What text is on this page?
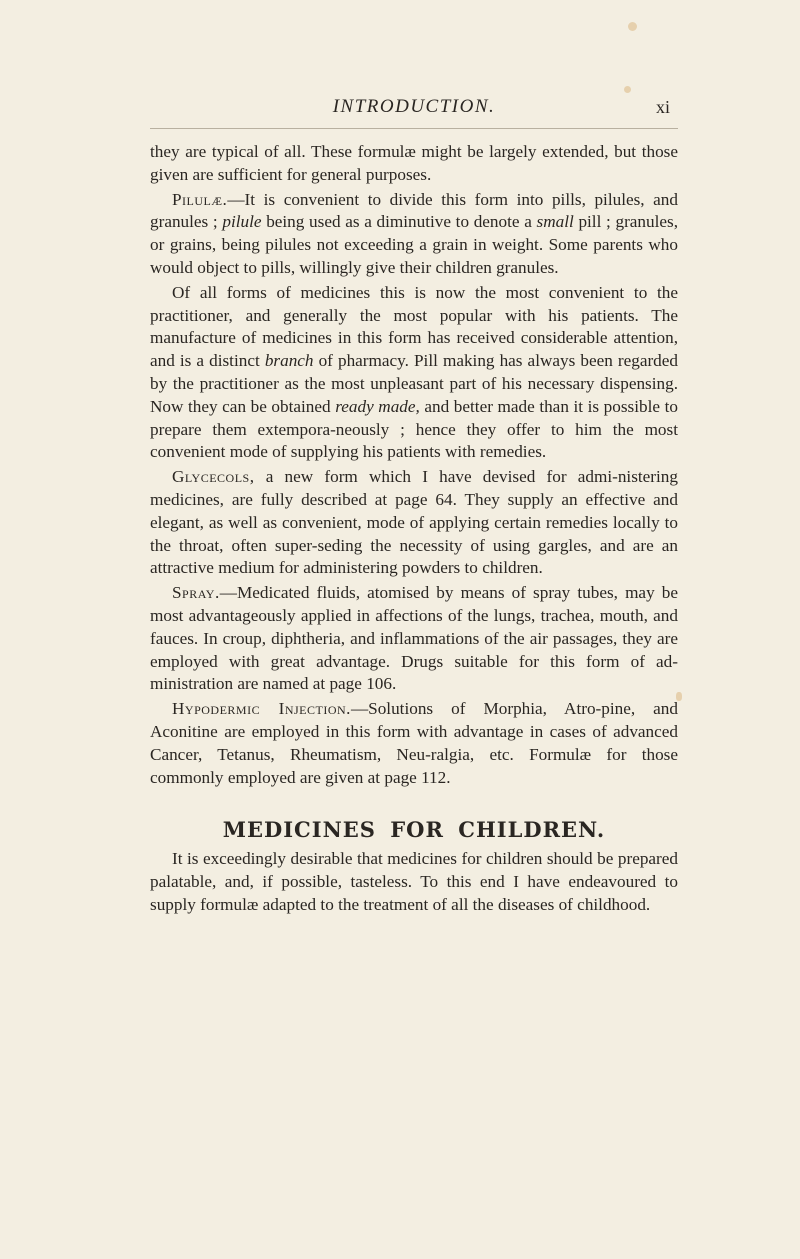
INTRODUCTION.	xi

they are typical of all. These formulæ might be largely extended, but those given are sufficient for general purposes.

Pilulæ.—It is convenient to divide this form into pills, pilules, and granules ; pilule being used as a diminutive to denote a small pill ; granules, or grains, being pilules not exceeding a grain in weight. Some parents who would object to pills, willingly give their children granules.

Of all forms of medicines this is now the most convenient to the practitioner, and generally the most popular with his patients. The manufacture of medicines in this form has received considerable attention, and is a distinct branch of pharmacy. Pill making has always been regarded by the practitioner as the most unpleasant part of his necessary dispensing. Now they can be obtained ready made, and better made than it is possible to prepare them extempora-neously ; hence they offer to him the most convenient mode of supplying his patients with remedies.

Glycecols, a new form which I have devised for admi-nistering medicines, are fully described at page 64. They supply an effective and elegant, as well as convenient, mode of applying certain remedies locally to the throat, often super-seding the necessity of using gargles, and are an attractive medium for administering powders to children.

Spray.—Medicated fluids, atomised by means of spray tubes, may be most advantageously applied in affections of the lungs, trachea, mouth, and fauces. In croup, diphtheria, and inflammations of the air passages, they are employed with great advantage. Drugs suitable for this form of ad-ministration are named at page 106.

Hypodermic Injection.—Solutions of Morphia, Atro-pine, and Aconitine are employed in this form with advantage in cases of advanced Cancer, Tetanus, Rheumatism, Neu-ralgia, etc. Formulæ for those commonly employed are given at page 112.

MEDICINES FOR CHILDREN.

It is exceedingly desirable that medicines for children should be prepared palatable, and, if possible, tasteless. To this end I have endeavoured to supply formulæ adapted to the treatment of all the diseases of childhood.
